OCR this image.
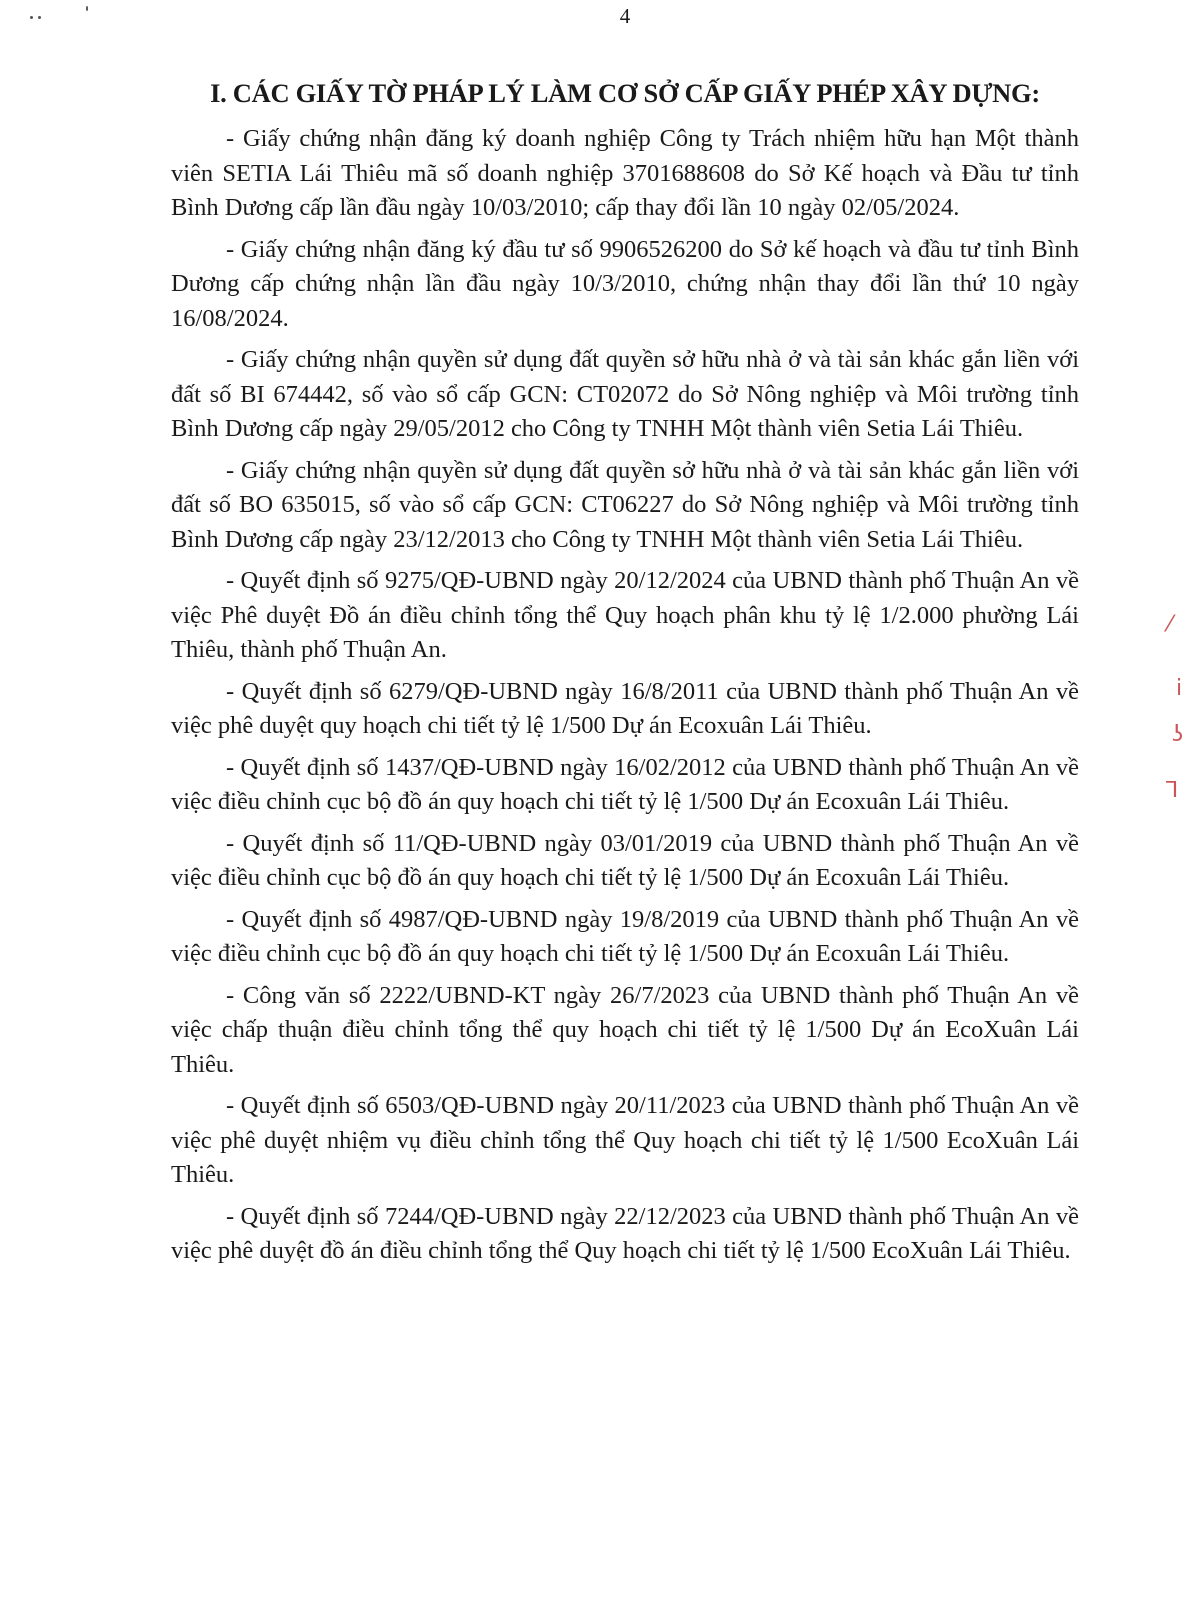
4
I. CÁC GIẤY TỜ PHÁP LÝ LÀM CƠ SỞ CẤP GIẤY PHÉP XÂY DỰNG:

- Giấy chứng nhận đăng ký doanh nghiệp Công ty Trách nhiệm hữu hạn Một thành viên SETIA Lái Thiêu mã số doanh nghiệp 3701688608 do Sở Kế hoạch và Đầu tư tỉnh Bình Dương cấp lần đầu ngày 10/03/2010; cấp thay đổi lần 10 ngày 02/05/2024.

- Giấy chứng nhận đăng ký đầu tư số 9906526200 do Sở kế hoạch và đầu tư tỉnh Bình Dương cấp chứng nhận lần đầu ngày 10/3/2010, chứng nhận thay đổi lần thứ 10 ngày 16/08/2024.

- Giấy chứng nhận quyền sử dụng đất quyền sở hữu nhà ở và tài sản khác gắn liền với đất số BI 674442, số vào sổ cấp GCN: CT02072 do Sở Nông nghiệp và Môi trường tỉnh Bình Dương cấp ngày 29/05/2012 cho Công ty TNHH Một thành viên Setia Lái Thiêu.

- Giấy chứng nhận quyền sử dụng đất quyền sở hữu nhà ở và tài sản khác gắn liền với đất số BO 635015, số vào sổ cấp GCN: CT06227 do Sở Nông nghiệp và Môi trường tỉnh Bình Dương cấp ngày 23/12/2013 cho Công ty TNHH Một thành viên Setia Lái Thiêu.

- Quyết định số 9275/QĐ-UBND ngày 20/12/2024 của UBND thành phố Thuận An về việc Phê duyệt Đồ án điều chỉnh tổng thể Quy hoạch phân khu tỷ lệ 1/2.000 phường Lái Thiêu, thành phố Thuận An.

- Quyết định số 6279/QĐ-UBND ngày 16/8/2011 của UBND thành phố Thuận An về việc phê duyệt quy hoạch chi tiết tỷ lệ 1/500 Dự án Ecoxuân Lái Thiêu.

- Quyết định số 1437/QĐ-UBND ngày 16/02/2012 của UBND thành phố Thuận An về việc điều chỉnh cục bộ đồ án quy hoạch chi tiết tỷ lệ 1/500 Dự án Ecoxuân Lái Thiêu.

- Quyết định số 11/QĐ-UBND ngày 03/01/2019 của UBND thành phố Thuận An về việc điều chỉnh cục bộ đồ án quy hoạch chi tiết tỷ lệ 1/500 Dự án Ecoxuân Lái Thiêu.

- Quyết định số 4987/QĐ-UBND ngày 19/8/2019 của UBND thành phố Thuận An về việc điều chỉnh cục bộ đồ án quy hoạch chi tiết tỷ lệ 1/500 Dự án Ecoxuân Lái Thiêu.

- Công văn số 2222/UBND-KT ngày 26/7/2023 của UBND thành phố Thuận An về việc chấp thuận điều chỉnh tổng thể quy hoạch chi tiết tỷ lệ 1/500 Dự án EcoXuân Lái Thiêu.

- Quyết định số 6503/QĐ-UBND ngày 20/11/2023 của UBND thành phố Thuận An về việc phê duyệt nhiệm vụ điều chỉnh tổng thể Quy hoạch chi tiết tỷ lệ 1/500 EcoXuân Lái Thiêu.

- Quyết định số 7244/QĐ-UBND ngày 22/12/2023 của UBND thành phố Thuận An về việc phê duyệt đồ án điều chỉnh tổng thể Quy hoạch chi tiết tỷ lệ 1/500 EcoXuân Lái Thiêu.

⁄
ⅰ
ʖ
⅂
